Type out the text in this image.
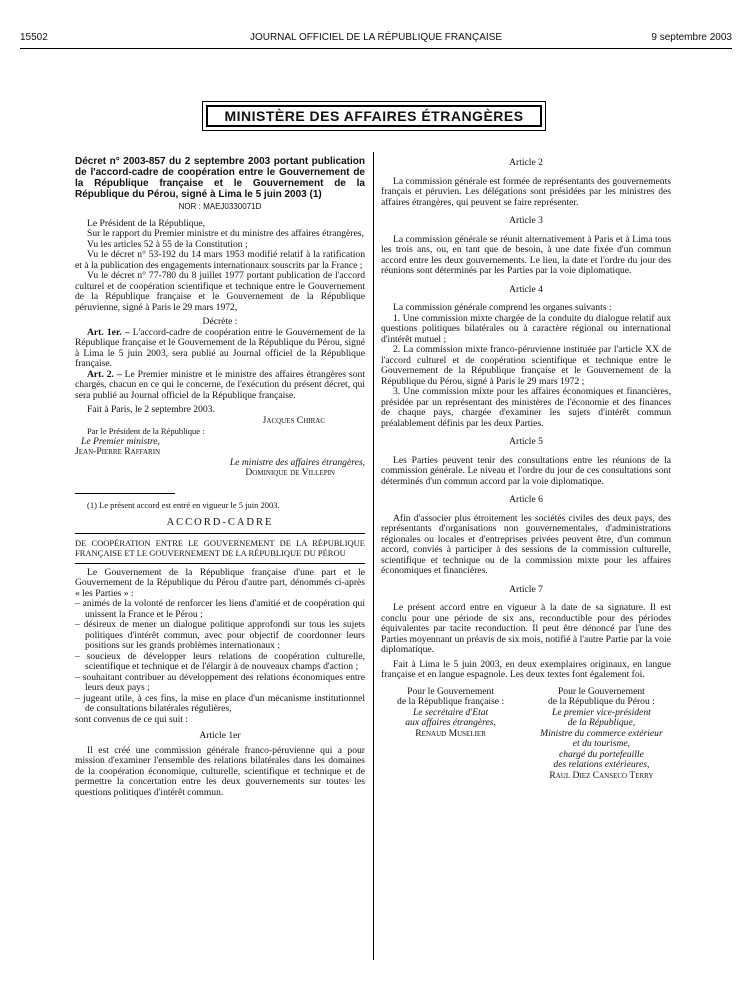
15502	JOURNAL OFFICIEL DE LA RÉPUBLIQUE FRANÇAISE	9 septembre 2003
MINISTÈRE DES AFFAIRES ÉTRANGÈRES

Décret n° 2003-857 du 2 septembre 2003 portant publication de l'accord-cadre de coopération entre le Gouvernement de la République française et le Gouvernement de la République du Pérou, signé à Lima le 5 juin 2003 (1)

NOR : MAEJ0330071D

Le Président de la République,

Sur le rapport du Premier ministre et du ministre des affaires étrangères,

Vu les articles 52 à 55 de la Constitution ;

Vu le décret n° 53-192 du 14 mars 1953 modifié relatif à la ratification et à la publication des engagements internationaux souscrits par la France ;

Vu le décret n° 77-780 du 8 juillet 1977 portant publication de l'accord culturel et de coopération scientifique et technique entre le Gouvernement de la République française et le Gouvernement de la République péruvienne, signé à Paris le 29 mars 1972,

Décrète :

Art. 1er. – L'accord-cadre de coopération entre le Gouvernement de la République française et le Gouvernement de la République du Pérou, signé à Lima le 5 juin 2003, sera publié au Journal officiel de la République française.

Art. 2. – Le Premier ministre et le ministre des affaires étrangères sont chargés, chacun en ce qui le concerne, de l'exécution du présent décret, qui sera publié au Journal officiel de la République française.

Fait à Paris, le 2 septembre 2003.

Jacques Chirac

Par le Président de la République :

Le Premier ministre,

Jean-Pierre Raffarin

Le ministre des affaires étrangères,

Dominique de Villepin

(1) Le présent accord est entré en vigueur le 5 juin 2003.

ACCORD-CADRE

DE COOPÉRATION ENTRE LE GOUVERNEMENT DE LA RÉPUBLIQUE FRANÇAISE ET LE GOUVERNEMENT DE LA RÉPUBLIQUE DU PÉROU

Le Gouvernement de la République française d'une part et le Gouvernement de la République du Pérou d'autre part, dénommés ci-après « les Parties » :

– animés de la volonté de renforcer les liens d'amitié et de coopération qui unissent la France et le Pérou ;

– désireux de mener un dialogue politique approfondi sur tous les sujets politiques d'intérêt commun, avec pour objectif de coordonner leurs positions sur les grands problèmes internationaux ;

– soucieux de développer leurs relations de coopération culturelle, scientifique et technique et de l'élargir à de nouveaux champs d'action ;

– souhaitant contribuer au développement des relations économiques entre leurs deux pays ;

– jugeant utile, à ces fins, la mise en place d'un mécanisme institutionnel de consultations bilatérales régulières,

sont convenus de ce qui suit :

Article 1er

Il est créé une commission générale franco-péruvienne qui a pour mission d'examiner l'ensemble des relations bilatérales dans les domaines de la coopération économique, culturelle, scientifique et technique et de permettre la concertation entre les deux gouvernements sur toutes les questions politiques d'intérêt commun.

Article 2

La commission générale est formée de représentants des gouvernements français et péruvien. Les délégations sont présidées par les ministres des affaires étrangères, qui peuvent se faire représenter.

Article 3

La commission générale se réunit alternativement à Paris et à Lima tous les trois ans, ou, en tant que de besoin, à une date fixée d'un commun accord entre les deux gouvernements. Le lieu, la date et l'ordre du jour des réunions sont déterminés par les Parties par la voie diplomatique.

Article 4

La commission générale comprend les organes suivants :

1. Une commission mixte chargée de la conduite du dialogue relatif aux questions politiques bilatérales ou à caractère régional ou international d'intérêt mutuel ;

2. La commission mixte franco-péruvienne instituée par l'article XX de l'accord culturel et de coopération scientifique et technique entre le Gouvernement de la République française et le Gouvernement de la République du Pérou, signé à Paris le 29 mars 1972 ;

3. Une commission mixte pour les affaires économiques et financières, présidée par un représentant des ministères de l'économie et des finances de chaque pays, chargée d'examiner les sujets d'intérêt commun préalablement définis par les deux Parties.

Article 5

Les Parties peuvent tenir des consultations entre les réunions de la commission générale. Le niveau et l'ordre du jour de ces consultations sont déterminés d'un commun accord par la voie diplomatique.

Article 6

Afin d'associer plus étroitement les sociétés civiles des deux pays, des représentants d'organisations non gouvernementales, d'administrations régionales ou locales et d'entreprises privées peuvent être, d'un commun accord, conviés à participer à des sessions de la commission culturelle, scientifique et technique ou de la commission mixte pour les affaires économiques et financières.

Article 7

Le présent accord entre en vigueur à la date de sa signature. Il est conclu pour une période de six ans, reconductible pour des périodes équivalentes par tacite reconduction. Il peut être dénoncé par l'une des Parties moyennant un préavis de six mois, notifié à l'autre Partie par la voie diplomatique.

Fait à Lima le 5 juin 2003, en deux exemplaires originaux, en langue française et en langue espagnole. Les deux textes font également foi.

Pour le Gouvernement

de la République française :

Le secrétaire d'Etat

aux affaires étrangères,

Renaud Muselier

Pour le Gouvernement

de la République du Pérou :

Le premier vice-président

de la République,

Ministre du commerce extérieur

et du tourisme,

chargé du portefeuille

des relations extérieures,

Raul Diez Canseco Terry
